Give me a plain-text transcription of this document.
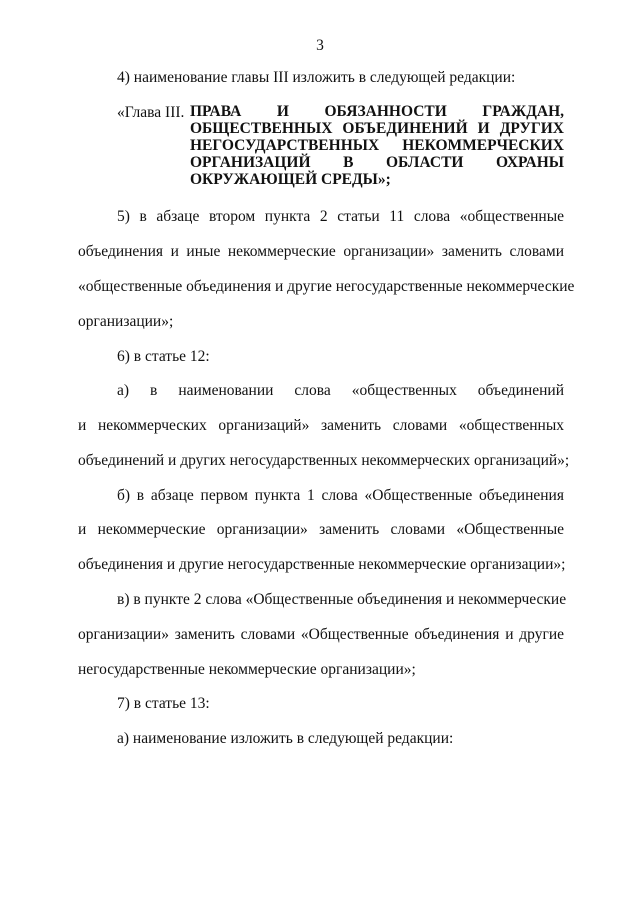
3
4) наименование главы III изложить в следующей редакции:
«Глава III. ПРАВА И ОБЯЗАННОСТИ ГРАЖДАН,
ОБЩЕСТВЕННЫХ ОБЪЕДИНЕНИЙ И ДРУГИХ
НЕГОСУДАРСТВЕННЫХ НЕКОММЕРЧЕСКИХ
ОРГАНИЗАЦИЙ В ОБЛАСТИ ОХРАНЫ
ОКРУЖАЮЩЕЙ СРЕДЫ»;
5) в абзаце втором пункта 2 статьи 11 слова «общественные
объединения и иные некоммерческие организации» заменить словами
«общественные объединения и другие негосударственные некоммерческие
организации»;
6) в статье 12:
а) в наименовании слова «общественных объединений
и некоммерческих организаций» заменить словами «общественных
объединений и других негосударственных некоммерческих организаций»;
б) в абзаце первом пункта 1 слова «Общественные объединения
и некоммерческие организации» заменить словами «Общественные
объединения и другие негосударственные некоммерческие организации»;
в) в пункте 2 слова «Общественные объединения и некоммерческие
организации» заменить словами «Общественные объединения и другие
негосударственные некоммерческие организации»;
7) в статье 13:
а) наименование изложить в следующей редакции:
